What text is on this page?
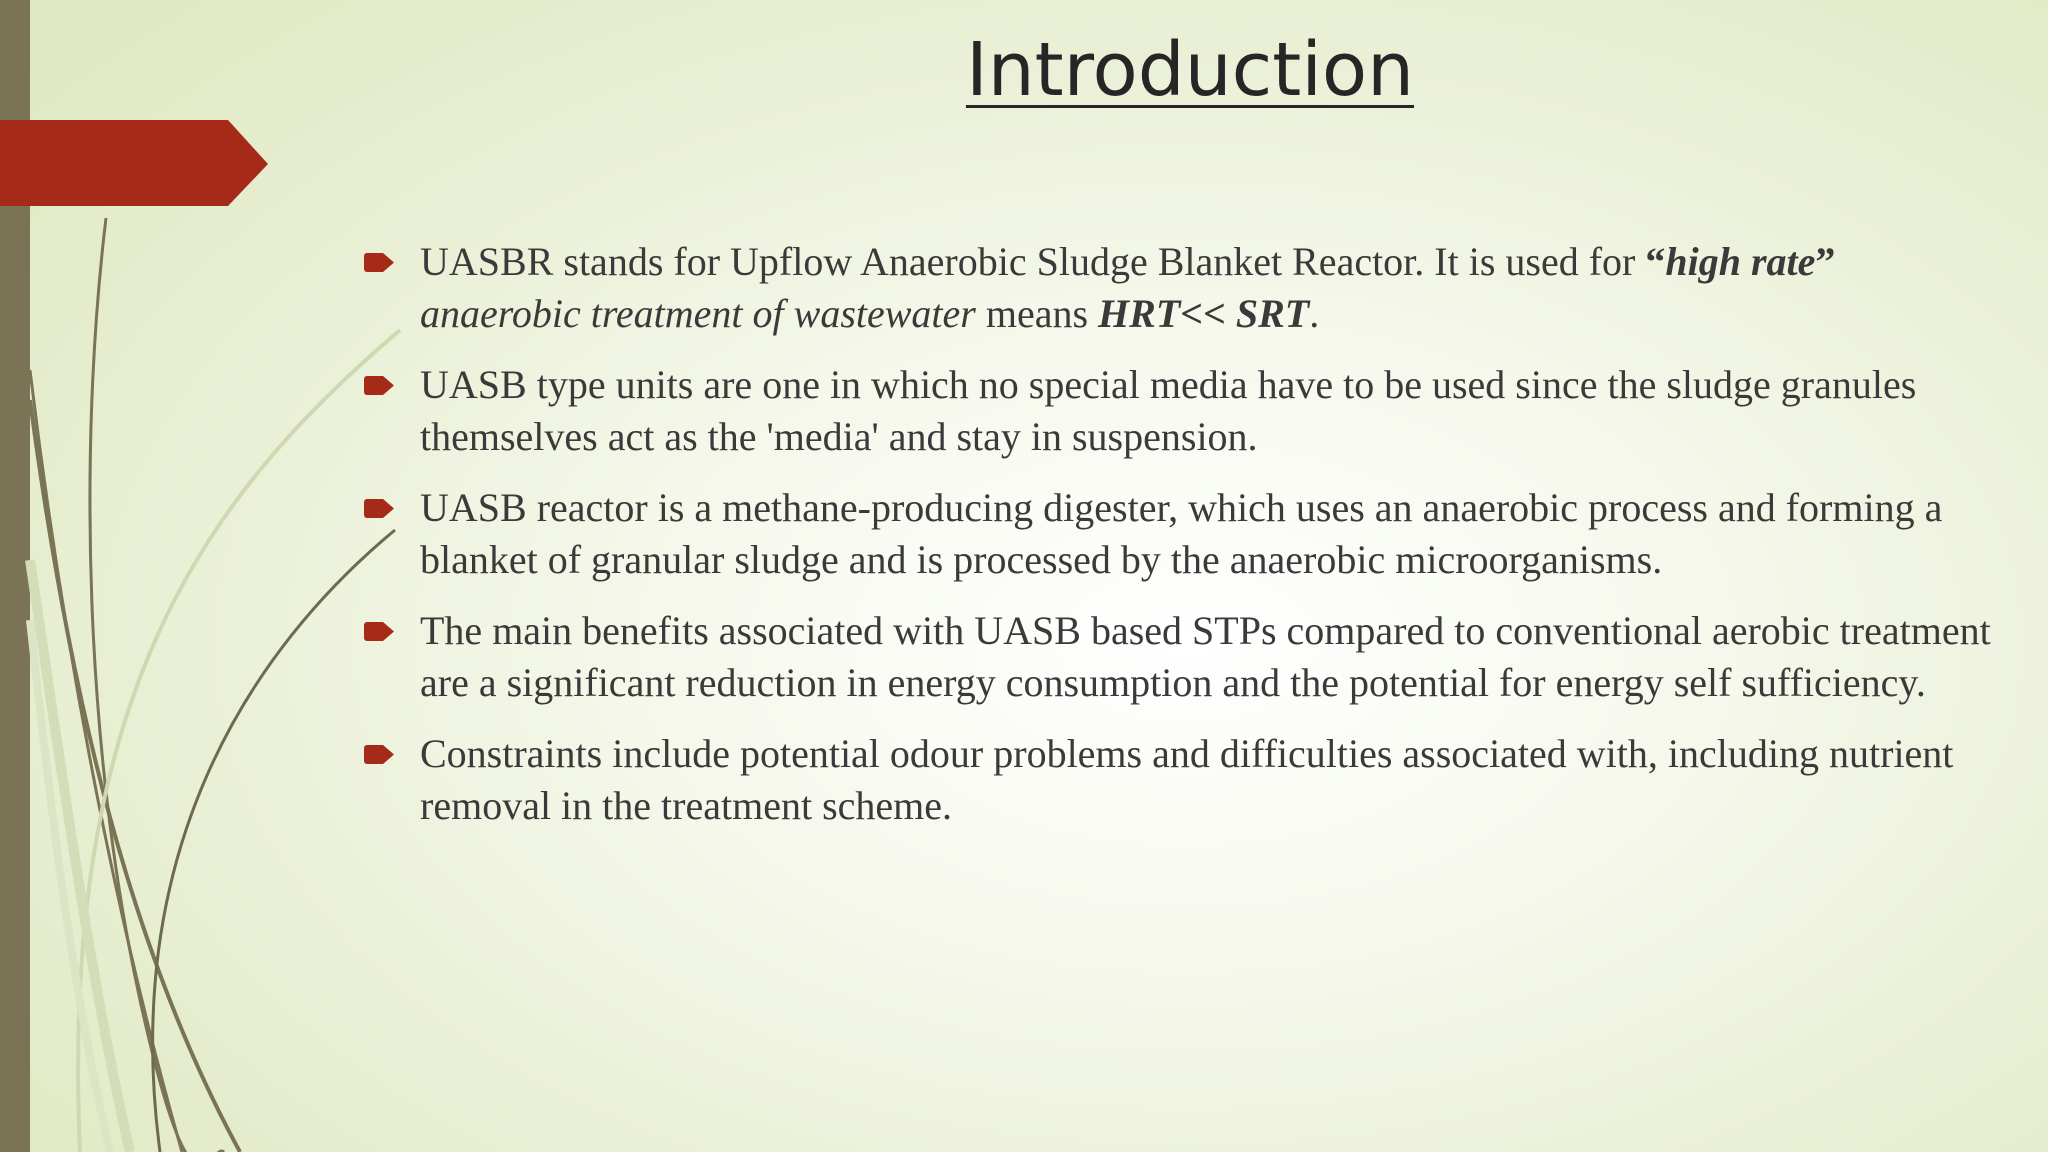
Introduction
UASBR stands for Upflow Anaerobic Sludge Blanket Reactor. It is used for “high rate”
anaerobic treatment of wastewater means HRT<< SRT.
UASB type units are one in which no special media have to be used since the sludge granules themselves act as the 'media' and stay in suspension.
UASB reactor is a methane-producing digester, which uses an anaerobic process and forming a blanket of granular sludge and is processed by the anaerobic microorganisms.
The main benefits associated with UASB based STPs compared to conventional aerobic treatment are a significant reduction in energy consumption and the potential for energy self sufficiency.
Constraints include potential odour problems and difficulties associated with, including nutrient removal in the treatment scheme.
